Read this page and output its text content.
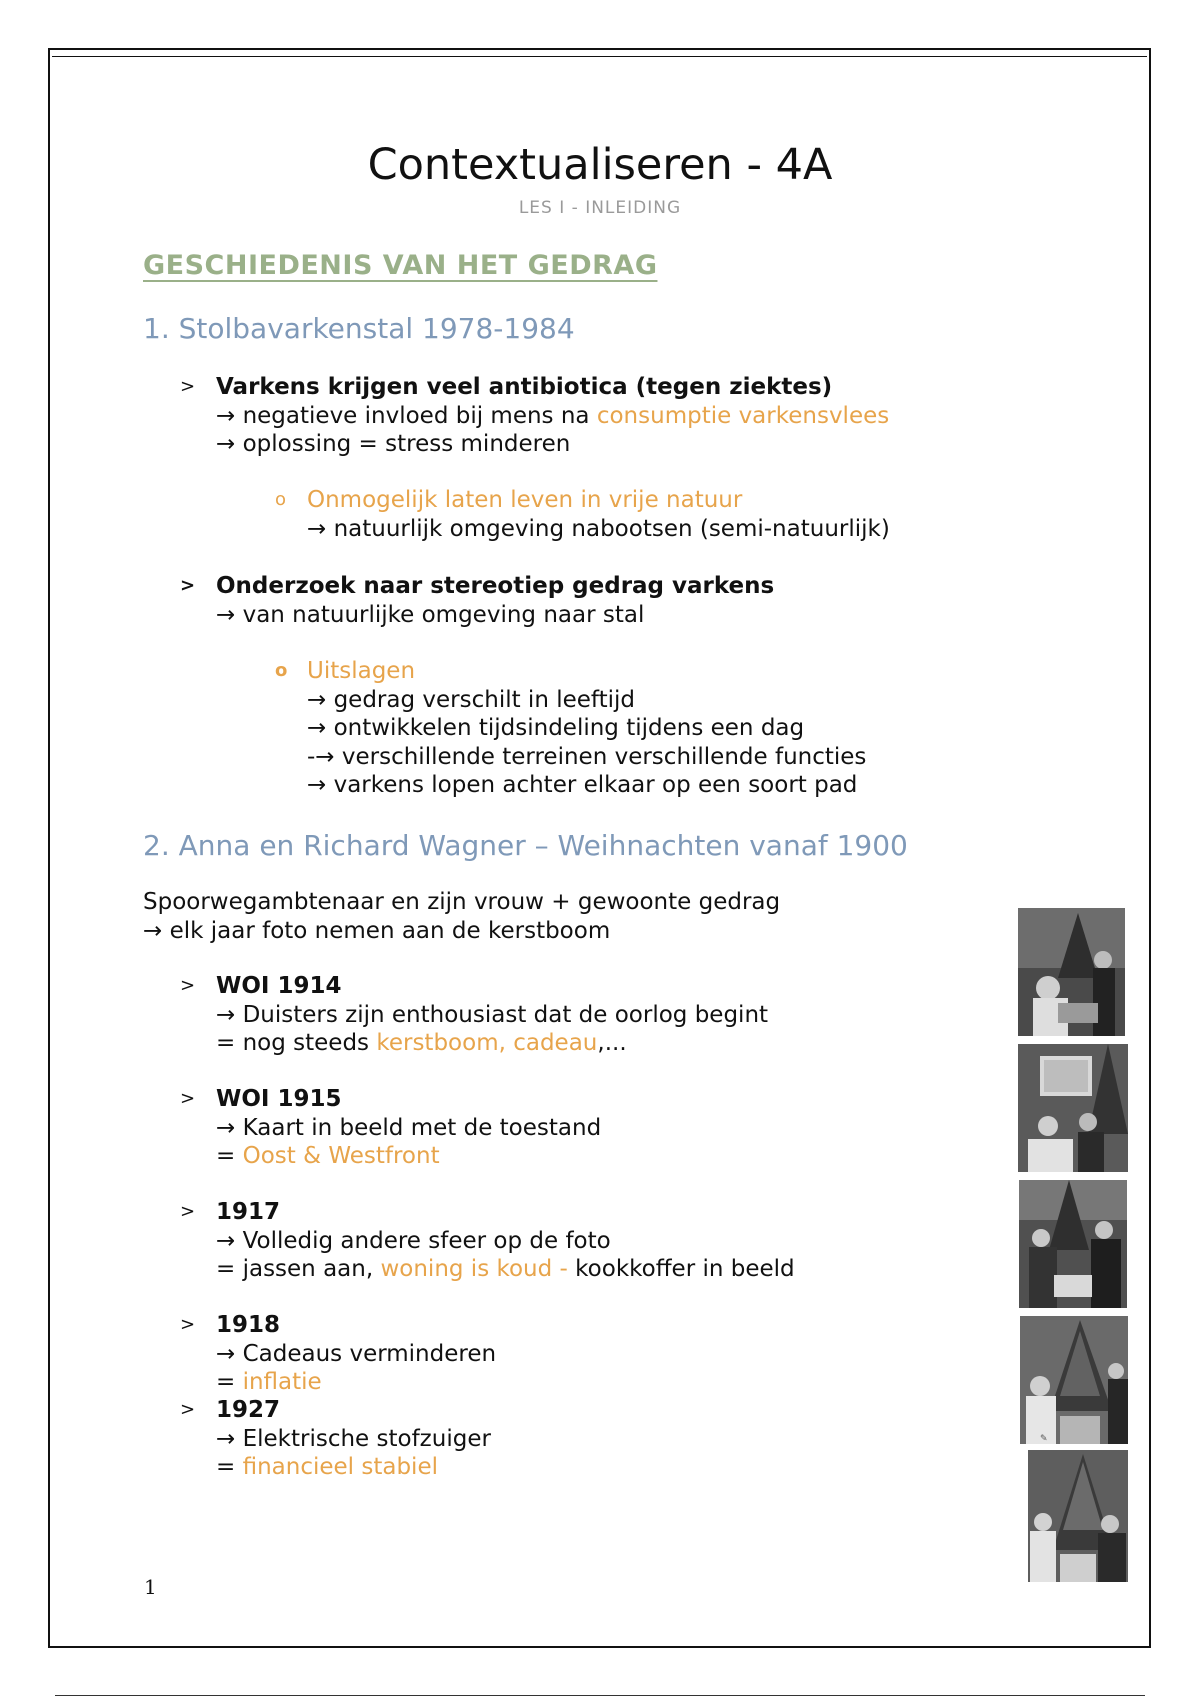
Contextualiseren - 4A
LES I - INLEIDING
GESCHIEDENIS VAN HET GEDRAG
1. Stolbavarkenstal 1978-1984
> Varkens krijgen veel antibiotica (tegen ziektes)
→ negatieve invloed bij mens na consumptie varkensvlees
→ oplossing = stress minderen
o Onmogelijk laten leven in vrije natuur
→ natuurlijk omgeving nabootsen (semi-natuurlijk)
> Onderzoek naar stereotiep gedrag varkens
→ van natuurlijke omgeving naar stal
o Uitslagen
→ gedrag verschilt in leeftijd
→ ontwikkelen tijdsindeling tijdens een dag
-→ verschillende terreinen verschillende functies
→ varkens lopen achter elkaar op een soort pad
2. Anna en Richard Wagner – Weihnachten vanaf 1900
Spoorwegambtenaar en zijn vrouw + gewoonte gedrag
→ elk jaar foto nemen aan de kerstboom
> WOI 1914
→ Duisters zijn enthousiast dat de oorlog begint
= nog steeds kerstboom, cadeau,...
> WOI 1915
→ Kaart in beeld met de toestand
= Oost & Westfront
> 1917
→ Volledig andere sfeer op de foto
= jassen aan, woning is koud - kookkoffer in beeld
> 1918
→ Cadeaus verminderen
= inflatie
> 1927
→ Elektrische stofzuiger
= financieel stabiel
✎
1
